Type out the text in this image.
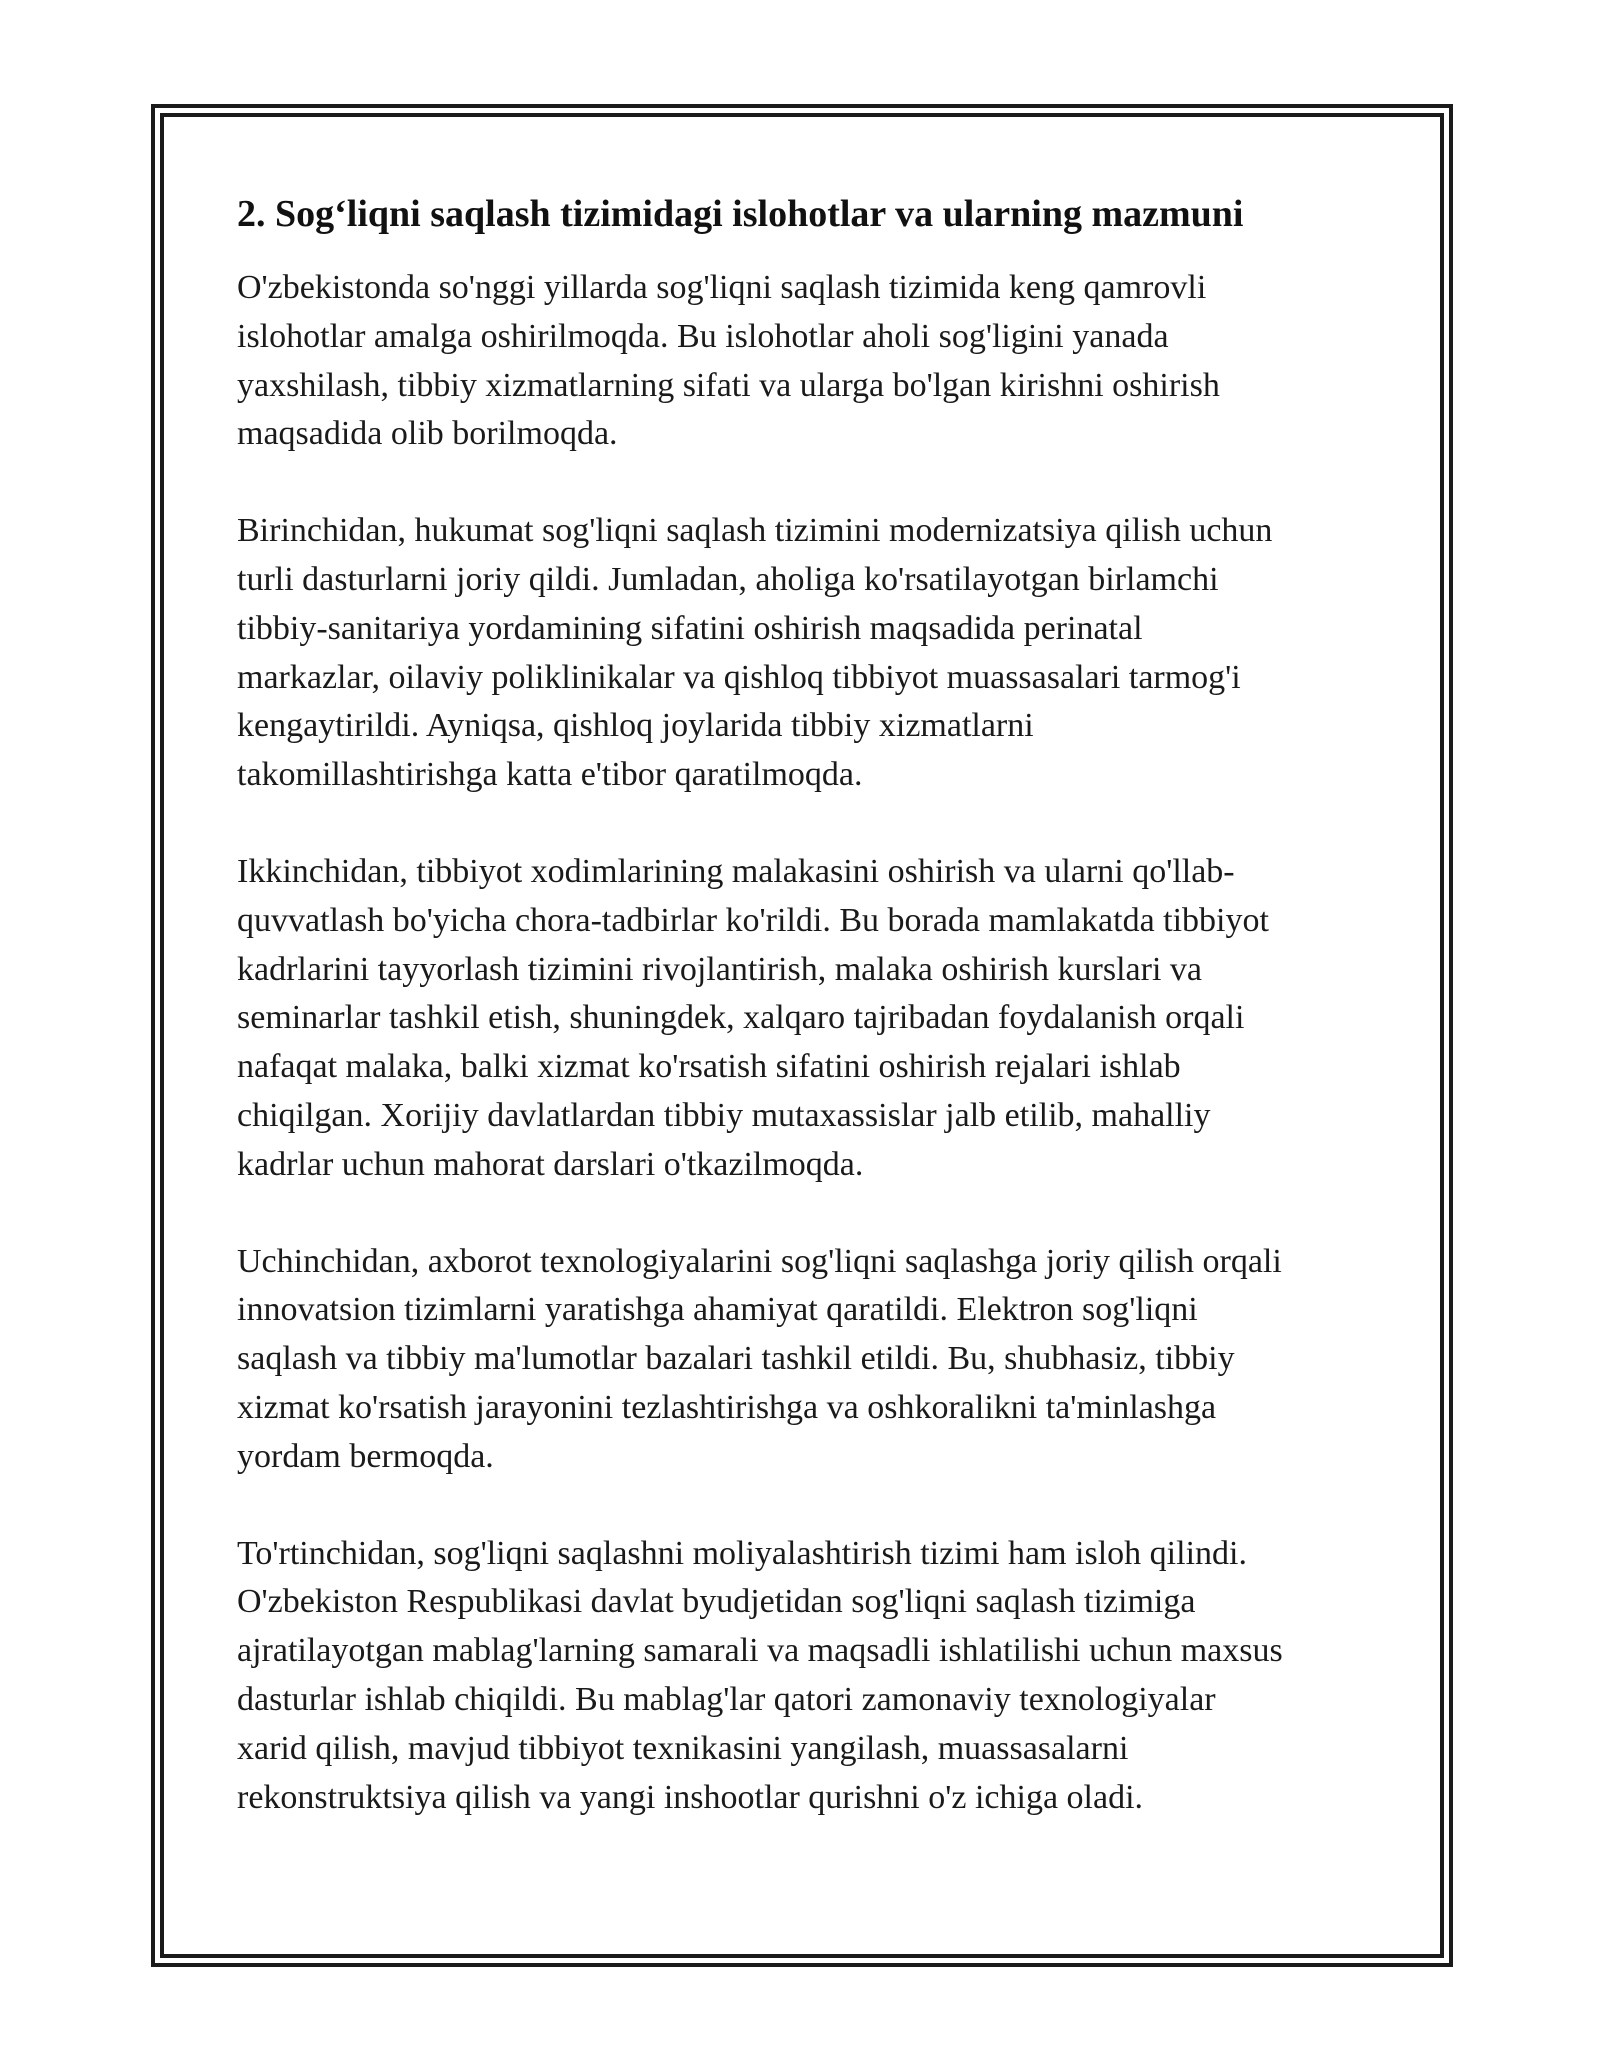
2. Sog‘liqni saqlash tizimidagi islohotlar va ularning mazmuni

O'zbekistonda so'nggi yillarda sog'liqni saqlash tizimida keng qamrovli
islohotlar amalga oshirilmoqda. Bu islohotlar aholi sog'ligini yanada
yaxshilash, tibbiy xizmatlarning sifati va ularga bo'lgan kirishni oshirish
maqsadida olib borilmoqda.

Birinchidan, hukumat sog'liqni saqlash tizimini modernizatsiya qilish uchun
turli dasturlarni joriy qildi. Jumladan, aholiga ko'rsatilayotgan birlamchi
tibbiy-sanitariya yordamining sifatini oshirish maqsadida perinatal
markazlar, oilaviy poliklinikalar va qishloq tibbiyot muassasalari tarmog'i
kengaytirildi. Ayniqsa, qishloq joylarida tibbiy xizmatlarni
takomillashtirishga katta e'tibor qaratilmoqda.

Ikkinchidan, tibbiyot xodimlarining malakasini oshirish va ularni qo'llab-
quvvatlash bo'yicha chora-tadbirlar ko'rildi. Bu borada mamlakatda tibbiyot
kadrlarini tayyorlash tizimini rivojlantirish, malaka oshirish kurslari va
seminarlar tashkil etish, shuningdek, xalqaro tajribadan foydalanish orqali
nafaqat malaka, balki xizmat ko'rsatish sifatini oshirish rejalari ishlab
chiqilgan. Xorijiy davlatlardan tibbiy mutaxassislar jalb etilib, mahalliy
kadrlar uchun mahorat darslari o'tkazilmoqda.

Uchinchidan, axborot texnologiyalarini sog'liqni saqlashga joriy qilish orqali
innovatsion tizimlarni yaratishga ahamiyat qaratildi. Elektron sog'liqni
saqlash va tibbiy ma'lumotlar bazalari tashkil etildi. Bu, shubhasiz, tibbiy
xizmat ko'rsatish jarayonini tezlashtirishga va oshkoralikni ta'minlashga
yordam bermoqda.

To'rtinchidan, sog'liqni saqlashni moliyalashtirish tizimi ham isloh qilindi.
O'zbekiston Respublikasi davlat byudjetidan sog'liqni saqlash tizimiga
ajratilayotgan mablag'larning samarali va maqsadli ishlatilishi uchun maxsus
dasturlar ishlab chiqildi. Bu mablag'lar qatori zamonaviy texnologiyalar
xarid qilish, mavjud tibbiyot texnikasini yangilash, muassasalarni
rekonstruktsiya qilish va yangi inshootlar qurishni o'z ichiga oladi.
